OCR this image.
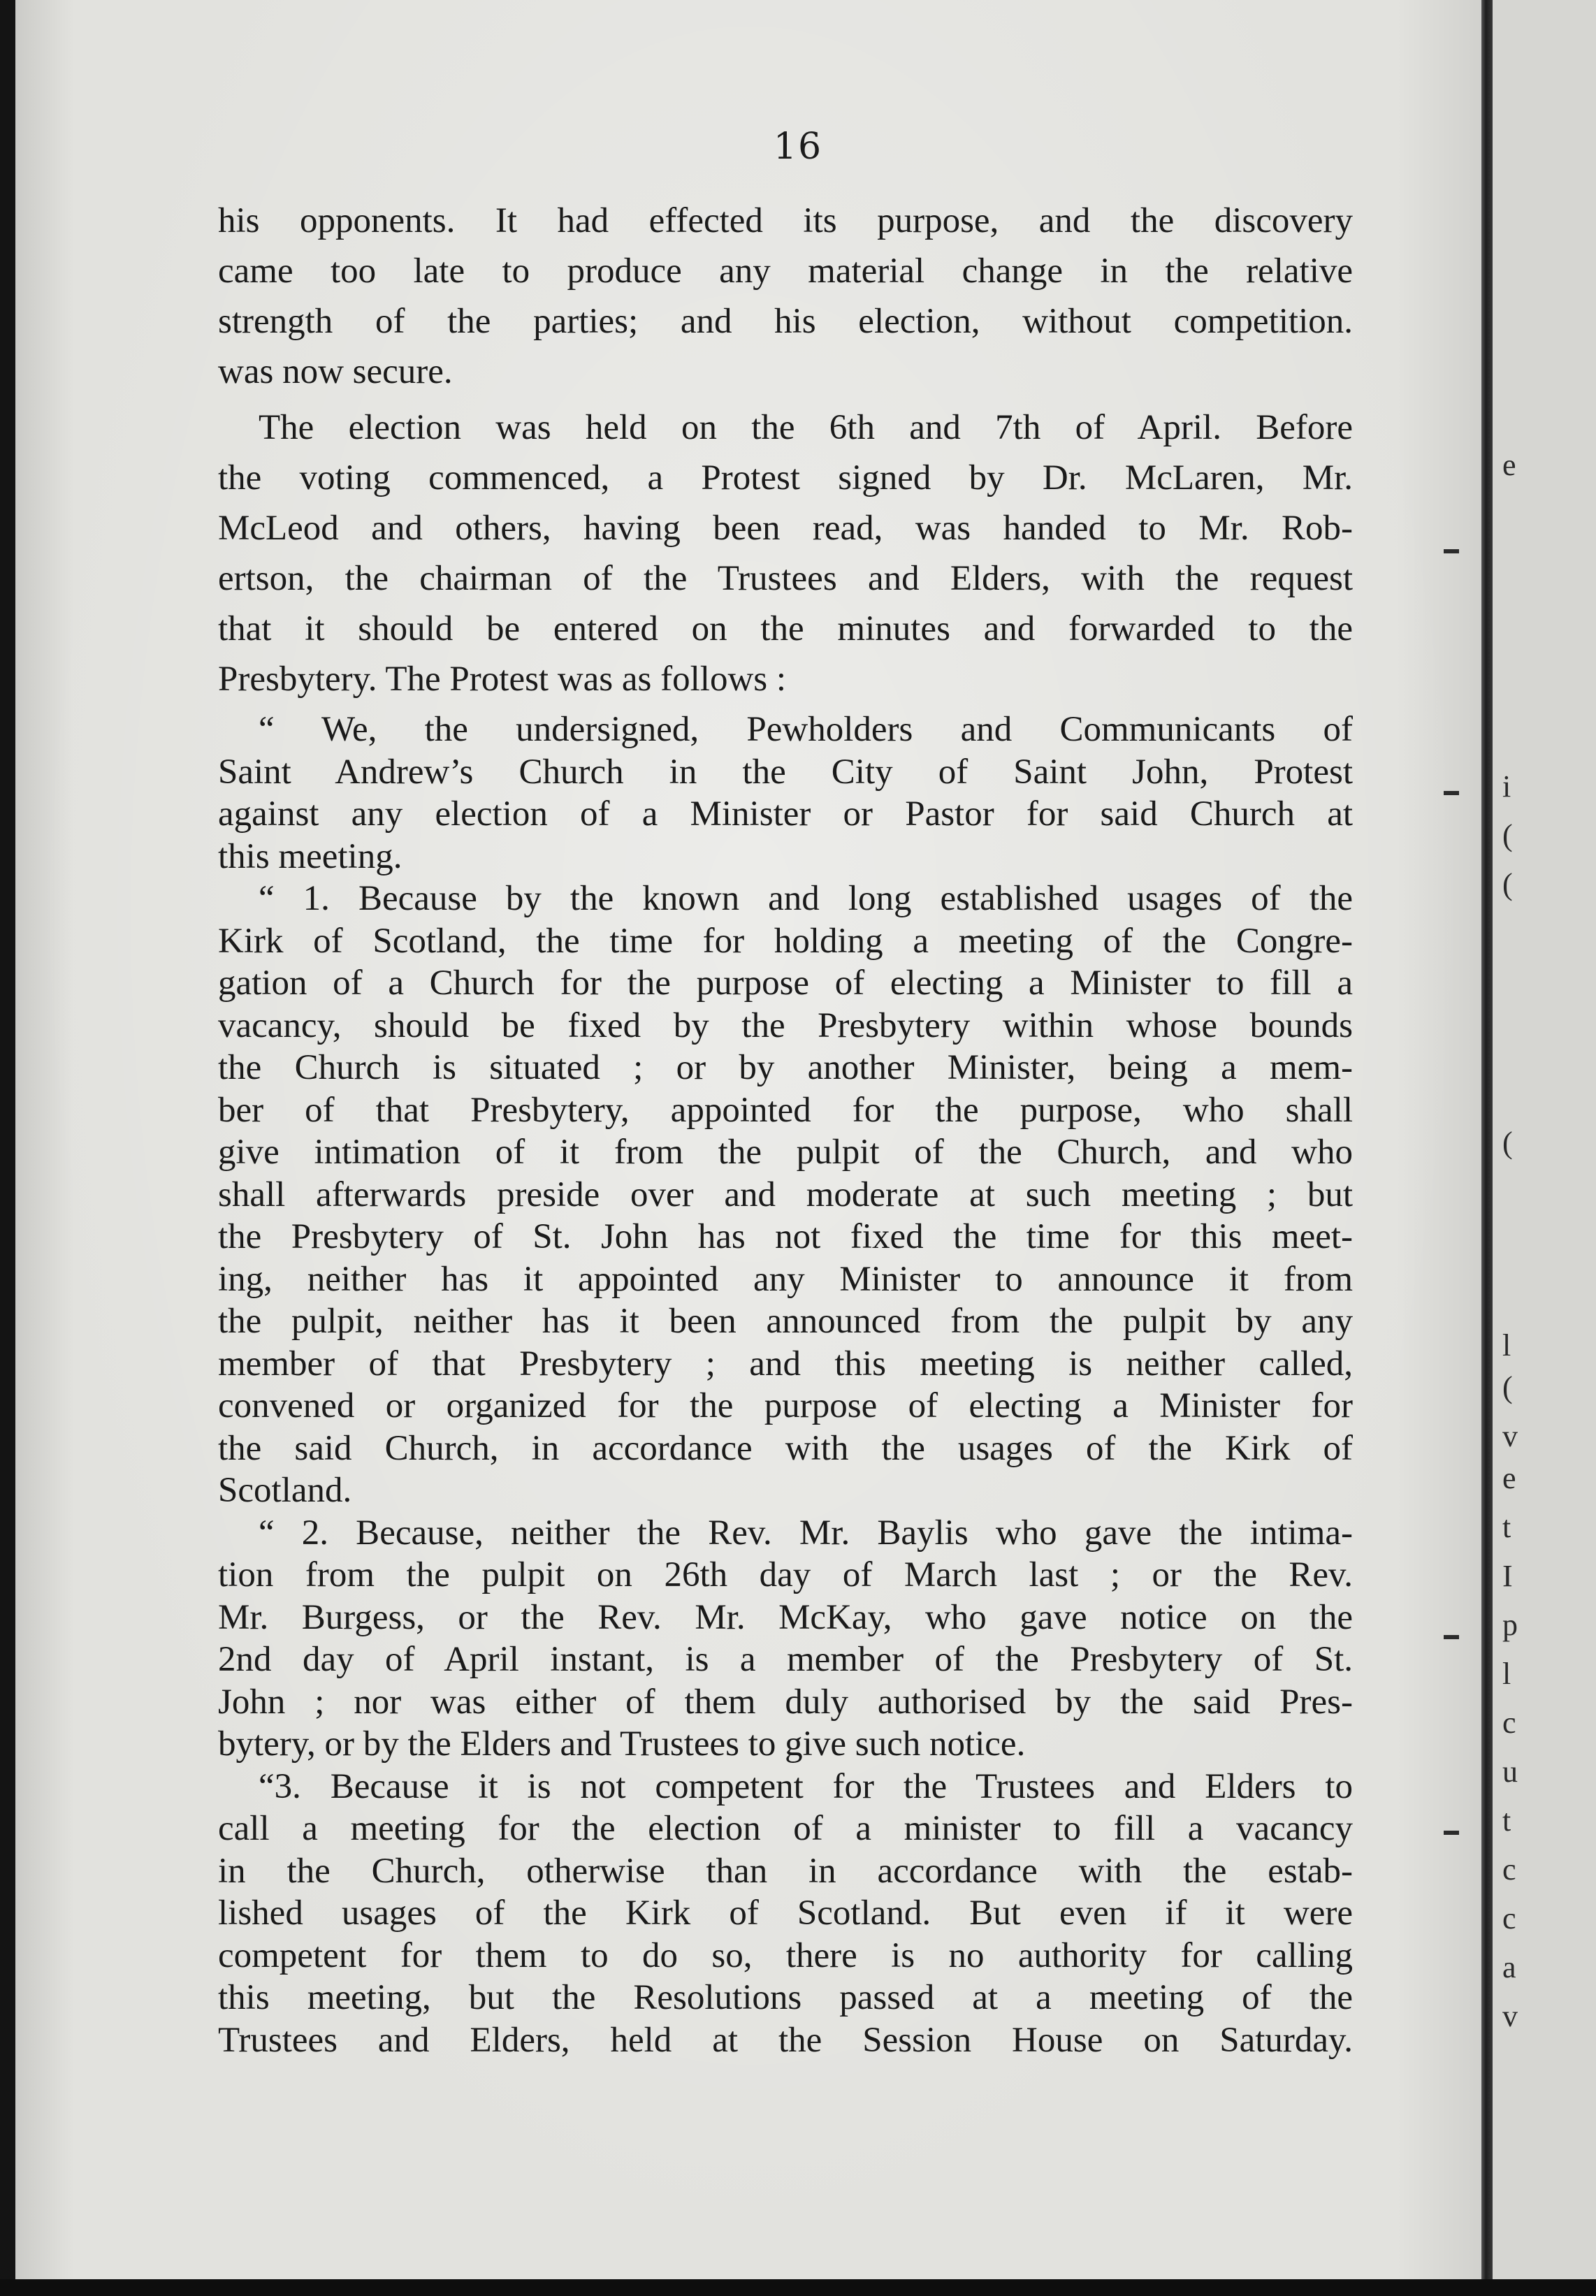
16

his opponents. It had effected its purpose, and the discovery
came too late to produce any material change in the relative
strength of the parties; and his election, without competition.
was now secure.

The election was held on the 6th and 7th of April. Before
the voting commenced, a Protest signed by Dr. McLaren, Mr.
McLeod and others, having been read, was handed to Mr. Rob-
ertson, the chairman of the Trustees and Elders, with the request
that it should be entered on the minutes and forwarded to the
Presbytery. The Protest was as follows :

“ We, the undersigned, Pewholders and Communicants of
Saint Andrew’s Church in the City of Saint John, Protest
against any election of a Minister or Pastor for said Church at
this meeting.

“ 1. Because by the known and long established usages of the
Kirk of Scotland, the time for holding a meeting of the Congre-
gation of a Church for the purpose of electing a Minister to fill a
vacancy, should be fixed by the Presbytery within whose bounds
the Church is situated ; or by another Minister, being a mem-
ber of that Presbytery, appointed for the purpose, who shall
give intimation of it from the pulpit of the Church, and who
shall afterwards preside over and moderate at such meeting ; but
the Presbytery of St. John has not fixed the time for this meet-
ing, neither has it appointed any Minister to announce it from
the pulpit, neither has it been announced from the pulpit by any
member of that Presbytery ; and this meeting is neither called,
convened or organized for the purpose of electing a Minister for
the said Church, in accordance with the usages of the Kirk of
Scotland.

“ 2. Because, neither the Rev. Mr. Baylis who gave the intima-
tion from the pulpit on 26th day of March last ; or the Rev.
Mr. Burgess, or the Rev. Mr. McKay, who gave notice on the
2nd day of April instant, is a member of the Presbytery of St.
John ; nor was either of them duly authorised by the said Pres-
bytery, or by the Elders and Trustees to give such notice.

“3. Because it is not competent for the Trustees and Elders to
call a meeting for the election of a minister to fill a vacancy
in the Church, otherwise than in accordance with the estab-
lished usages of the Kirk of Scotland. But even if it were
competent for them to do so, there is no authority for calling
this meeting, but the Resolutions passed at a meeting of the
Trustees and Elders, held at the Session House on Saturday.

e
i
(
(
(
l
(
v
e
t
I
p
l
c
u
t
c
c
a
v
